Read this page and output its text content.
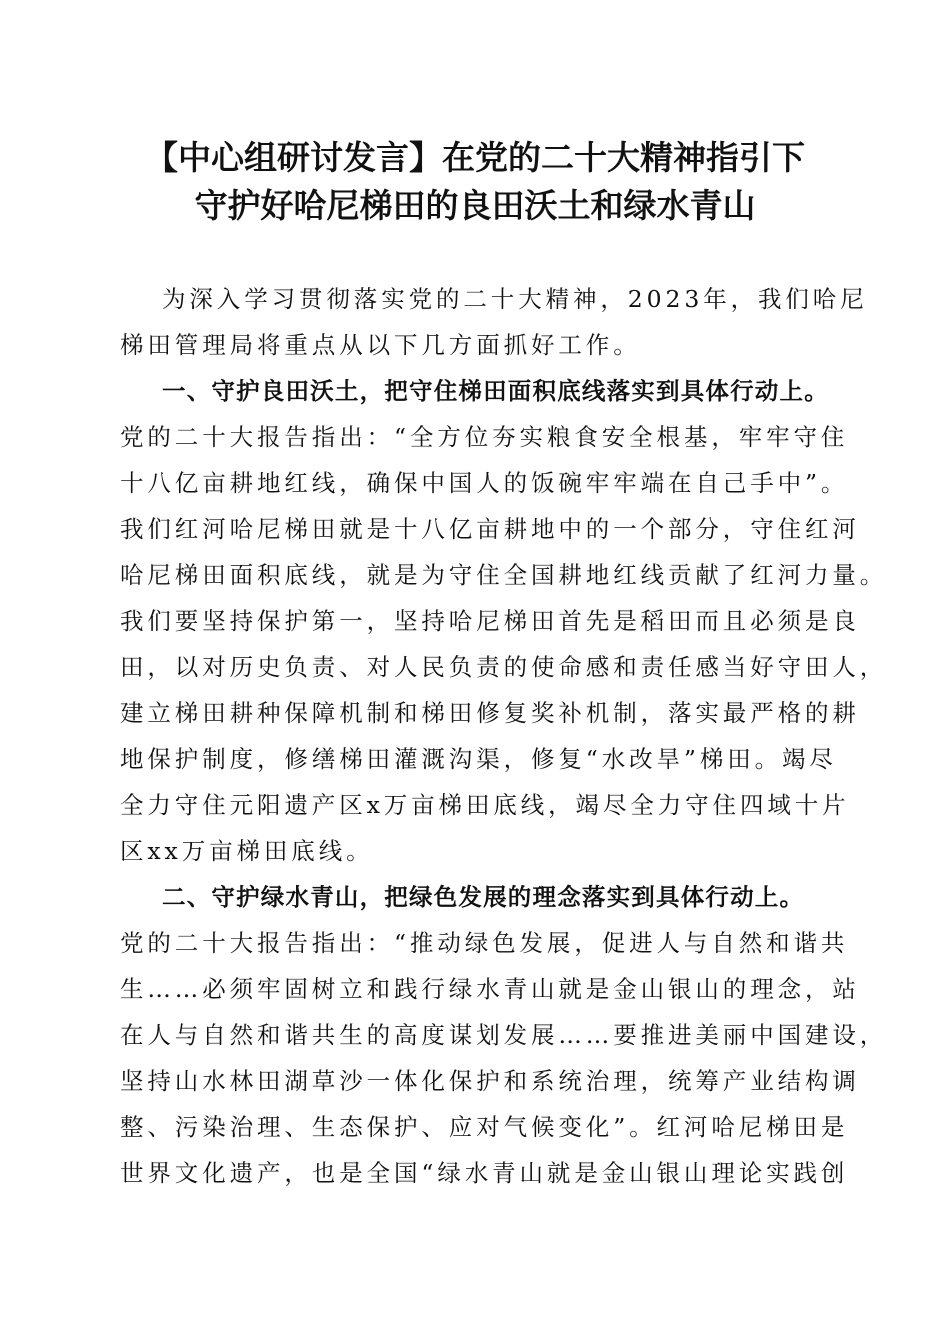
【中心组研讨发言】在党的二十大精神指引下
守护好哈尼梯田的良田沃土和绿水青山
为深入学习贯彻落实党的二十大精神，2023年，我们哈尼
梯田管理局将重点从以下几方面抓好工作。
一、守护良田沃土，把守住梯田面积底线落实到具体行动上。
党的二十大报告指出：“全方位夯实粮食安全根基，牢牢守住
十八亿亩耕地红线，确保中国人的饭碗牢牢端在自己手中”。
我们红河哈尼梯田就是十八亿亩耕地中的一个部分，守住红河
哈尼梯田面积底线，就是为守住全国耕地红线贡献了红河力量。
我们要坚持保护第一，坚持哈尼梯田首先是稻田而且必须是良
田，以对历史负责、对人民负责的使命感和责任感当好守田人，
建立梯田耕种保障机制和梯田修复奖补机制，落实最严格的耕
地保护制度，修缮梯田灌溉沟渠，修复“水改旱”梯田。竭尽
全力守住元阳遗产区x万亩梯田底线，竭尽全力守住四域十片
区xx万亩梯田底线。
二、守护绿水青山，把绿色发展的理念落实到具体行动上。
党的二十大报告指出：“推动绿色发展，促进人与自然和谐共
生……必须牢固树立和践行绿水青山就是金山银山的理念，站
在人与自然和谐共生的高度谋划发展……要推进美丽中国建设，
坚持山水林田湖草沙一体化保护和系统治理，统筹产业结构调
整、污染治理、生态保护、应对气候变化”。红河哈尼梯田是
世界文化遗产，也是全国“绿水青山就是金山银山理论实践创
